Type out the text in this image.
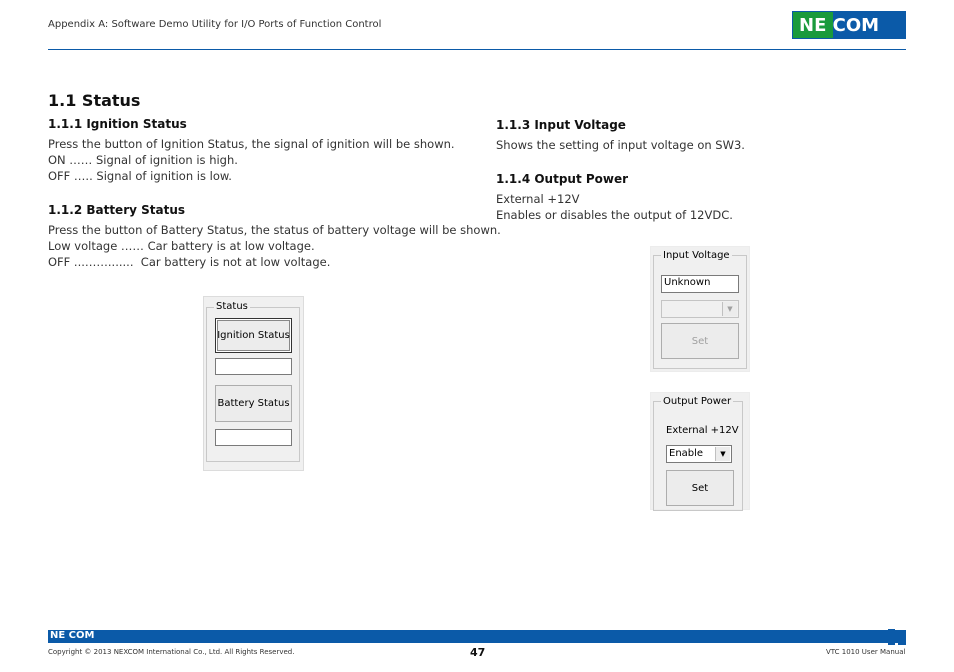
Appendix A: Software Demo Utility for I/O Ports of Function Control	NE COM
1.1 Status
1.1.1 Ignition Status
Press the button of Ignition Status, the signal of ignition will be shown.
ON …… Signal of ignition is high.
OFF ….. Signal of ignition is low.
1.1.2 Battery Status
Press the button of Battery Status, the status of battery voltage will be shown.
Low voltage …… Car battery is at low voltage.
OFF ...…….......  Car battery is not at low voltage.
1.1.3 Input Voltage
Shows the setting of input voltage on SW3.
1.1.4 Output Power
External +12V
Enables or disables the output of 12VDC.
Status
Ignition Status
Battery Status
Input Voltage
Unknown
▼
Set
Output Power
External +12V
Enable	▼
Set
NE COM
Copyright © 2013 NEXCOM International Co., Ltd. All Rights Reserved.	47	VTC 1010 User Manual
